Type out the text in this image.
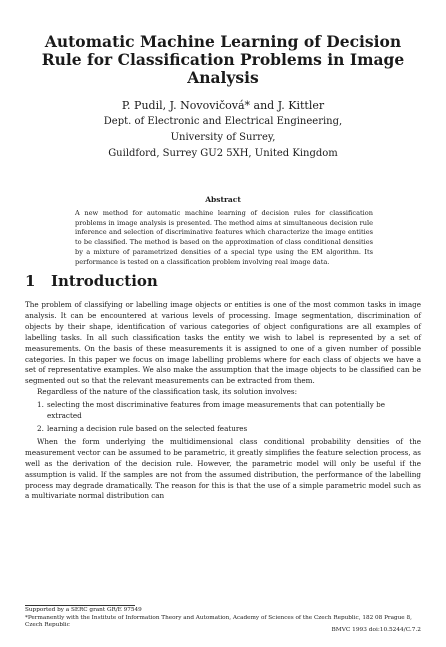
Automatic Machine Learning of Decision Rule for Classification Problems in Image Analysis
P. Pudil, J. Novovičová* and J. Kittler
Dept. of Electronic and Electrical Engineering,
University of Surrey,
Guildford, Surrey GU2 5XH, United Kingdom
Abstract

A new method for automatic machine learning of decision rules for classification problems in image analysis is presented. The method aims at simultaneous decision rule inference and selection of discriminative features which characterize the image entities to be classified. The method is based on the approximation of class conditional densities by a mixture of parametrized densities of a special type using the EM algorithm. Its performance is tested on a classification problem involving real image data.

1 Introduction

The problem of classifying or labelling image objects or entities is one of the most common tasks in image analysis. It can be encountered at various levels of processing. Image segmentation, discrimination of objects by their shape, identification of various categories of object configurations are all examples of labelling tasks. In all such classification tasks the entity we wish to label is represented by a set of measurements. On the basis of these measurements it is assigned to one of a given number of possible categories. In this paper we focus on image labelling problems where for each class of objects we have a set of representative examples. We also make the assumption that the image objects to be classified can be segmented out so that the relevant measurements can be extracted from them.

Regardless of the nature of the classification task, its solution involves:

1. selecting the most discriminative features from image measurements that can potentially be extracted
2. learning a decision rule based on the selected features

When the form underlying the multidimensional class conditional probability densities of the measurement vector can be assumed to be parametric, it greatly simplifies the feature selection process, as well as the derivation of the decision rule. However, the parametric model will only be useful if the assumption is valid. If the samples are not from the assumed distribution, the performance of the labelling process may degrade dramatically. The reason for this is that the use of a simple parametric model such as a multivariate normal distribution can

Supported by a SERC grant GR/E 97549

*Permanently with the Institute of Information Theory and Automation, Academy of Sciences of the Czech Republic, 182 08 Prague 8, Czech Republic

BMVC 1993 doi:10.5244/C.7.2
